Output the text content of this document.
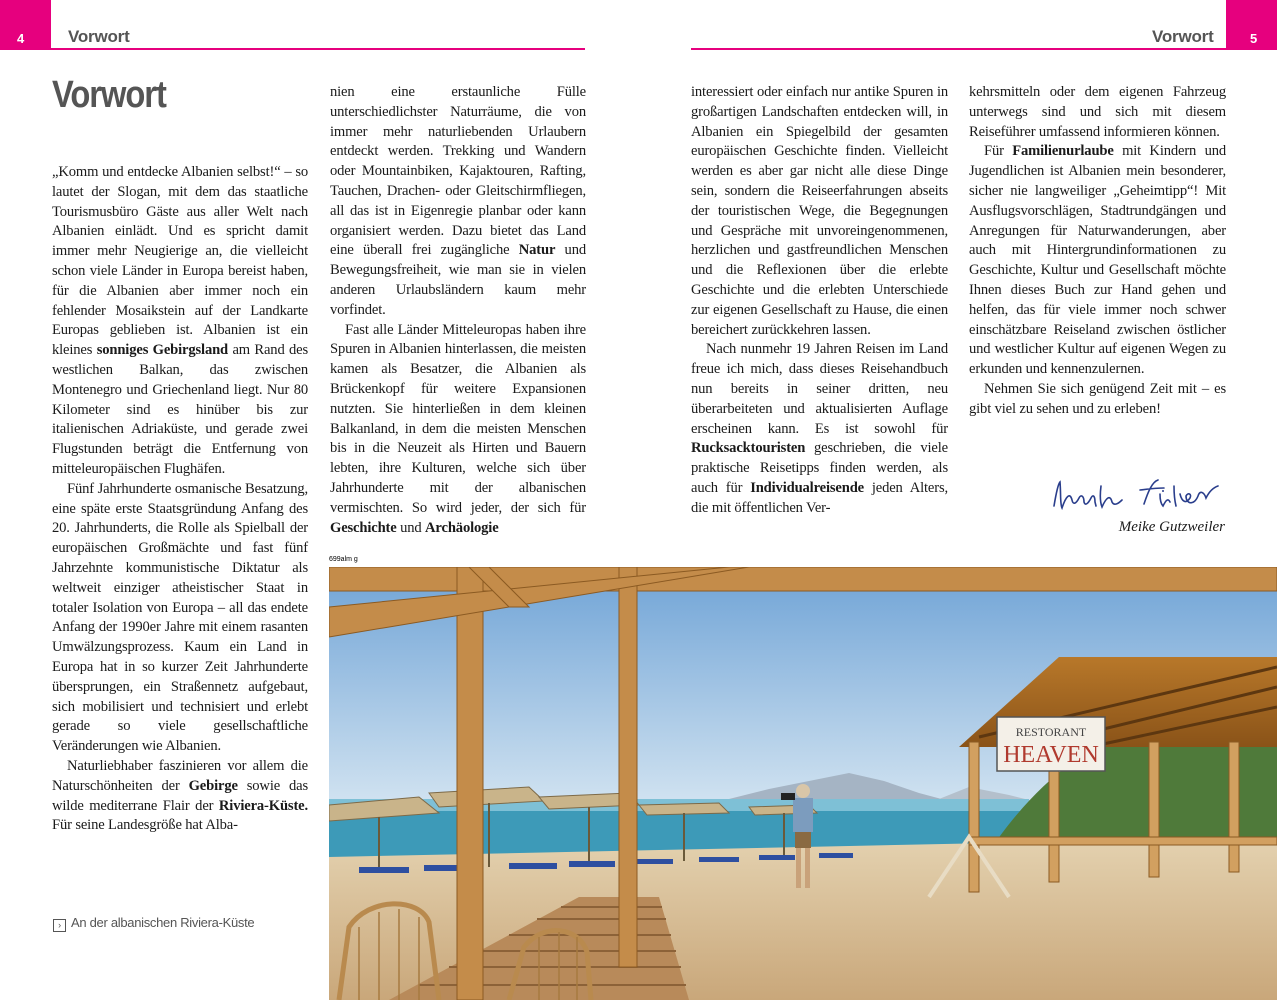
4	Vorwort	5
Vorwort
Vorwort

„Komm und entdecke Albanien selbst!“ – so lautet der Slogan, mit dem das staatliche Tourismusbüro Gäste aus aller Welt nach Albanien einlädt. Und es spricht damit immer mehr Neugierige an, die vielleicht schon viele Länder in Europa bereist haben, für die Albanien aber immer noch ein fehlender Mosaikstein auf der Landkarte Europas geblieben ist. Albanien ist ein kleines sonniges Gebirgsland am Rand des westlichen Balkan, das zwischen Montenegro und Griechenland liegt. Nur 80 Kilometer sind es hinüber bis zur italienischen Adriaküste, und gerade zwei Flugstunden beträgt die Entfernung von mitteleuropäischen Flughäfen.

Fünf Jahrhunderte osmanische Besatzung, eine späte erste Staatsgründung Anfang des 20. Jahrhunderts, die Rolle als Spielball der europäischen Großmächte und fast fünf Jahrzehnte kommunistische Diktatur als weltweit einziger atheistischer Staat in totaler Isolation von Europa – all das endete Anfang der 1990er Jahre mit einem rasanten Umwälzungsprozess. Kaum ein Land in Europa hat in so kurzer Zeit Jahrhunderte übersprungen, ein Straßennetz aufgebaut, sich mobilisiert und technisiert und erlebt gerade so viele gesellschaftliche Veränderungen wie Albanien.

Naturliebhaber faszinieren vor allem die Naturschönheiten der Gebirge sowie das wilde mediterrane Flair der Riviera-Küste. Für seine Landesgröße hat Alba-

nien eine erstaunliche Fülle unterschiedlichster Naturräume, die von immer mehr naturliebenden Urlaubern entdeckt werden. Trekking und Wandern oder Mountainbiken, Kajaktouren, Rafting, Tauchen, Drachen- oder Gleitschirmfliegen, all das ist in Eigenregie planbar oder kann organisiert werden. Dazu bietet das Land eine überall frei zugängliche Natur und Bewegungsfreiheit, wie man sie in vielen anderen Urlaubsländern kaum mehr vorfindet.

Fast alle Länder Mitteleuropas haben ihre Spuren in Albanien hinterlassen, die meisten kamen als Besatzer, die Albanien als Brückenkopf für weitere Expansionen nutzten. Sie hinterließen in dem kleinen Balkanland, in dem die meisten Menschen bis in die Neuzeit als Hirten und Bauern lebten, ihre Kulturen, welche sich über Jahrhunderte mit der albanischen vermischten. So wird jeder, der sich für Geschichte und Archäologie

interessiert oder einfach nur antike Spuren in großartigen Landschaften entdecken will, in Albanien ein Spiegelbild der gesamten europäischen Geschichte finden. Vielleicht werden es aber gar nicht alle diese Dinge sein, sondern die Reiseerfahrungen abseits der touristischen Wege, die Begegnungen und Gespräche mit unvoreingenommenen, herzlichen und gastfreundlichen Menschen und die Reflexionen über die erlebte Geschichte und die erlebten Unterschiede zur eigenen Gesellschaft zu Hause, die einen bereichert zurückkehren lassen.

Nach nunmehr 19 Jahren Reisen im Land freue ich mich, dass dieses Reisehandbuch nun bereits in seiner dritten, neu überarbeiteten und aktualisierten Auflage erscheinen kann. Es ist sowohl für Rucksacktouristen geschrieben, die viele praktische Reisetipps finden werden, als auch für Individualreisende jeden Alters, die mit öffentlichen Ver-

kehrsmitteln oder dem eigenen Fahrzeug unterwegs sind und sich mit diesem Reiseführer umfassend informieren können.

Für Familienurlaube mit Kindern und Jugendlichen ist Albanien mein besonderer, sicher nie langweiliger „Geheimtipp“! Mit Ausflugsvorschlägen, Stadtrundgängen und Anregungen für Naturwanderungen, aber auch mit Hintergrundinformationen zu Geschichte, Kultur und Gesellschaft möchte Ihnen dieses Buch zur Hand gehen und helfen, das für viele immer noch schwer einschätzbare Reiseland zwischen östlicher und westlicher Kultur auf eigenen Wegen zu erkunden und kennenzulernen.

Nehmen Sie sich genügend Zeit mit – es gibt viel zu sehen und zu erleben!

Meike Gutzweiler
699alm g
RESTORANT
HEAVEN
› An der albanischen Riviera-Küste
